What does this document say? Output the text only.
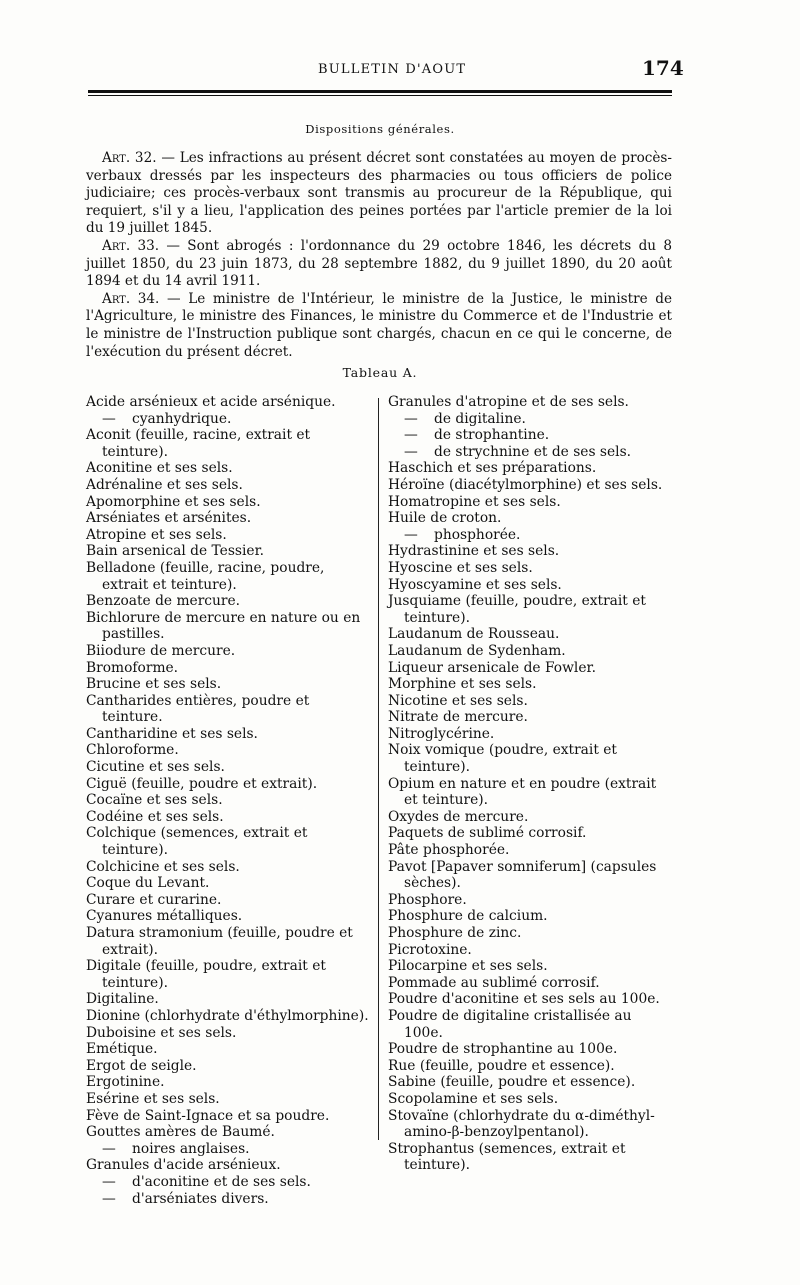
BULLETIN D'AOUT	174
Dispositions générales.

Art. 32. — Les infractions au présent décret sont constatées au moyen de procès-verbaux dressés par les inspecteurs des pharmacies ou tous officiers de police judiciaire; ces procès-verbaux sont transmis au procureur de la République, qui requiert, s'il y a lieu, l'application des peines portées par l'article premier de la loi du 19 juillet 1845.

Art. 33. — Sont abrogés : l'ordonnance du 29 octobre 1846, les décrets du 8 juillet 1850, du 23 juin 1873, du 28 septembre 1882, du 9 juillet 1890, du 20 août 1894 et du 14 avril 1911.

Art. 34. — Le ministre de l'Intérieur, le ministre de la Justice, le ministre de l'Agriculture, le ministre des Finances, le ministre du Commerce et de l'Industrie et le ministre de l'Instruction publique sont chargés, chacun en ce qui le concerne, de l'exécution du présent décret.

Tableau A.

Acide arsénieux et acide arsénique.

— cyanhydrique.

Aconit (feuille, racine, extrait et teinture).

Aconitine et ses sels.

Adrénaline et ses sels.

Apomorphine et ses sels.

Arséniates et arsénites.

Atropine et ses sels.

Bain arsenical de Tessier.

Belladone (feuille, racine, poudre, extrait et teinture).

Benzoate de mercure.

Bichlorure de mercure en nature ou en pastilles.

Biiodure de mercure.

Bromoforme.

Brucine et ses sels.

Cantharides entières, poudre et teinture.

Cantharidine et ses sels.

Chloroforme.

Cicutine et ses sels.

Ciguë (feuille, poudre et extrait).

Cocaïne et ses sels.

Codéine et ses sels.

Colchique (semences, extrait et teinture).

Colchicine et ses sels.

Coque du Levant.

Curare et curarine.

Cyanures métalliques.

Datura stramonium (feuille, poudre et extrait).

Digitale (feuille, poudre, extrait et teinture).

Digitaline.

Dionine (chlorhydrate d'éthylmorphine).

Duboisine et ses sels.

Emétique.

Ergot de seigle.

Ergotinine.

Esérine et ses sels.

Fève de Saint-Ignace et sa poudre.

Gouttes amères de Baumé.

— noires anglaises.

Granules d'acide arsénieux.

— d'aconitine et de ses sels.

— d'arséniates divers.

Granules d'atropine et de ses sels.

— de digitaline.

— de strophantine.

— de strychnine et de ses sels.

Haschich et ses préparations.

Héroïne (diacétylmorphine) et ses sels.

Homatropine et ses sels.

Huile de croton.

— phosphorée.

Hydrastinine et ses sels.

Hyoscine et ses sels.

Hyoscyamine et ses sels.

Jusquiame (feuille, poudre, extrait et teinture).

Laudanum de Rousseau.

Laudanum de Sydenham.

Liqueur arsenicale de Fowler.

Morphine et ses sels.

Nicotine et ses sels.

Nitrate de mercure.

Nitroglycérine.

Noix vomique (poudre, extrait et teinture).

Opium en nature et en poudre (extrait et teinture).

Oxydes de mercure.

Paquets de sublimé corrosif.

Pâte phosphorée.

Pavot [Papaver somniferum] (capsules sèches).

Phosphore.

Phosphure de calcium.

Phosphure de zinc.

Picrotoxine.

Pilocarpine et ses sels.

Pommade au sublimé corrosif.

Poudre d'aconitine et ses sels au 100e.

Poudre de digitaline cristallisée au 100e.

Poudre de strophantine au 100e.

Rue (feuille, poudre et essence).

Sabine (feuille, poudre et essence).

Scopolamine et ses sels.

Stovaïne (chlorhydrate du α-diméthyl-amino-β-benzoylpentanol).

Strophantus (semences, extrait et teinture).
